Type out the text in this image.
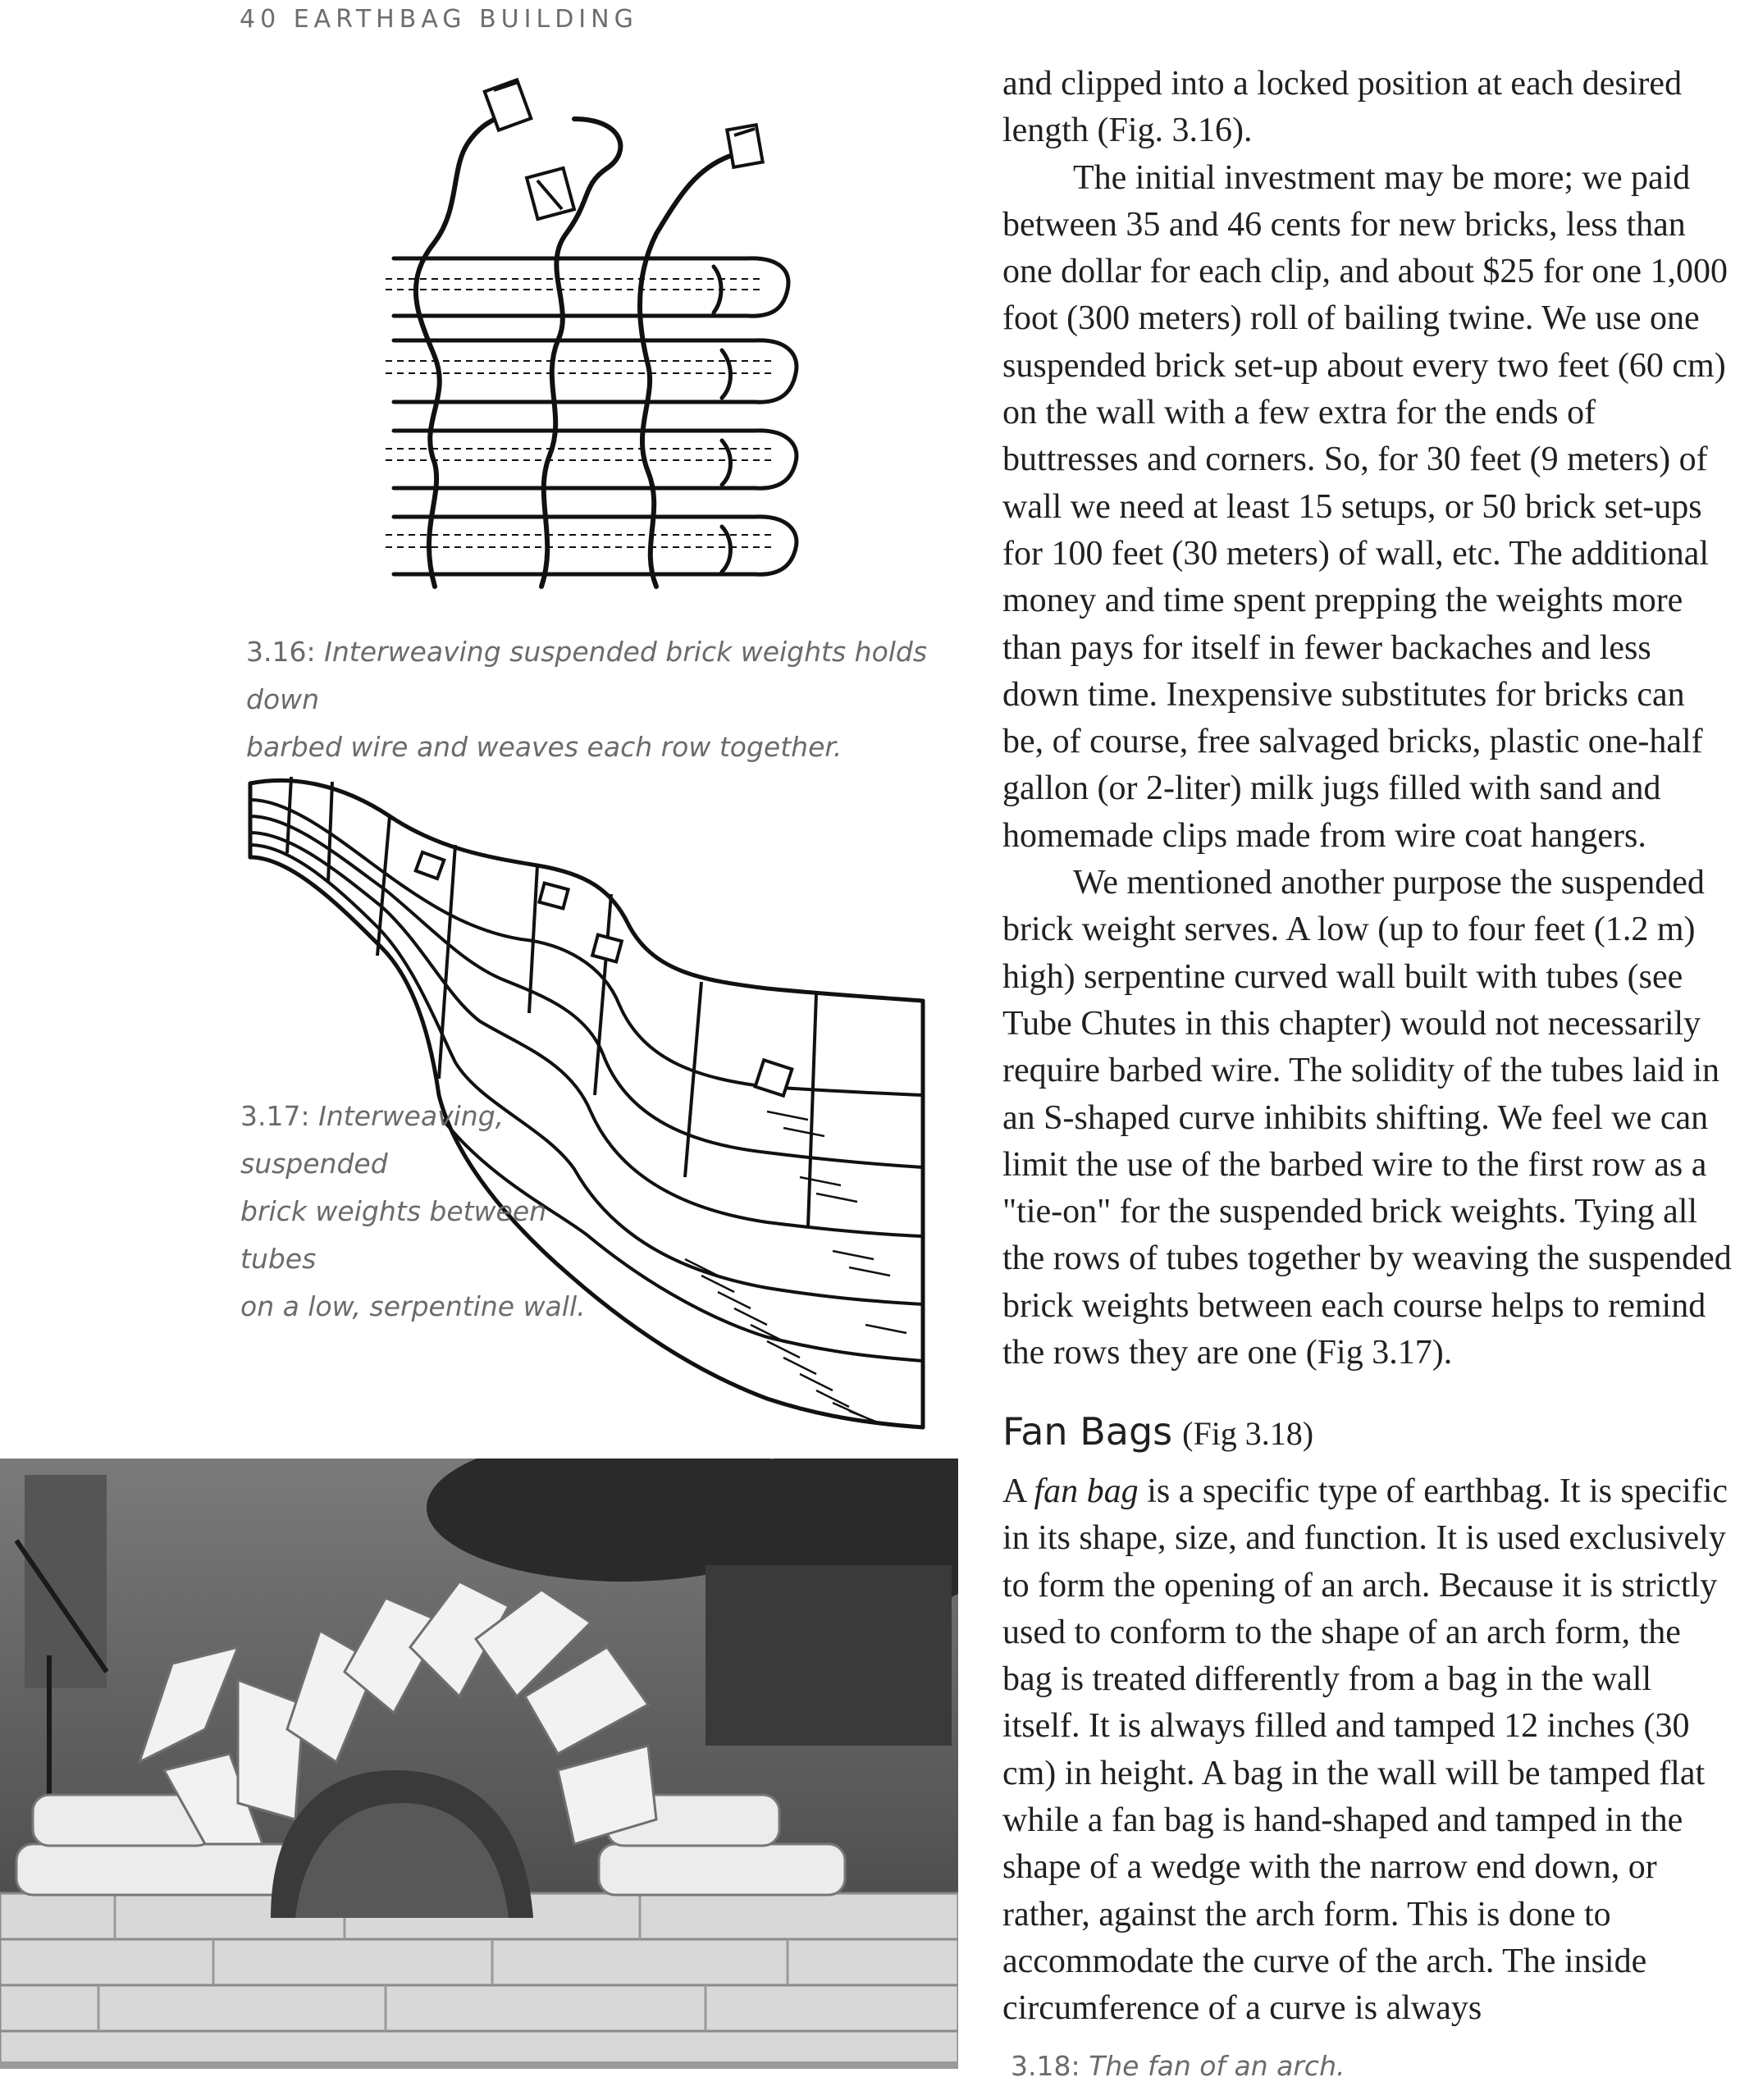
40 EARTHBAG BUILDING
3.16: Interweaving suspended brick weights holds down
barbed wire and weaves each row together.
3.17: Interweaving, suspended
brick weights between tubes
on a low, serpentine wall.

and clipped into a locked position at each desired length (Fig. 3.16).

The initial investment may be more; we paid between 35 and 46 cents for new bricks, less than one dollar for each clip, and about $25 for one 1,000 foot (300 meters) roll of bailing twine. We use one suspended brick set-up about every two feet (60 cm) on the wall with a few extra for the ends of buttresses and corners. So, for 30 feet (9 meters) of wall we need at least 15 setups, or 50 brick set-ups for 100 feet (30 meters) of wall, etc. The additional money and time spent prepping the weights more than pays for itself in fewer backaches and less down time. Inexpensive substitutes for bricks can be, of course, free salvaged bricks, plastic one-half gallon (or 2-liter) milk jugs filled with sand and homemade clips made from wire coat hangers.

We mentioned another purpose the suspended brick weight serves. A low (up to four feet (1.2 m) high) serpentine curved wall built with tubes (see Tube Chutes in this chapter) would not necessarily require barbed wire. The solidity of the tubes laid in an S-shaped curve inhibits shifting. We feel we can limit the use of the barbed wire to the first row as a "tie-on" for the suspended brick weights. Tying all the rows of tubes together by weaving the suspended brick weights between each course helps to remind the rows they are one (Fig 3.17).

Fan Bags (Fig 3.18)

A fan bag is a specific type of earthbag. It is specific in its shape, size, and function. It is used exclusively to form the opening of an arch. Because it is strictly used to conform to the shape of an arch form, the bag is treated differently from a bag in the wall itself. It is always filled and tamped 12 inches (30 cm) in height. A bag in the wall will be tamped flat while a fan bag is hand-shaped and tamped in the shape of a wedge with the narrow end down, or rather, against the arch form. This is done to accommodate the curve of the arch. The inside circumference of a curve is always

3.18: The fan of an arch.
